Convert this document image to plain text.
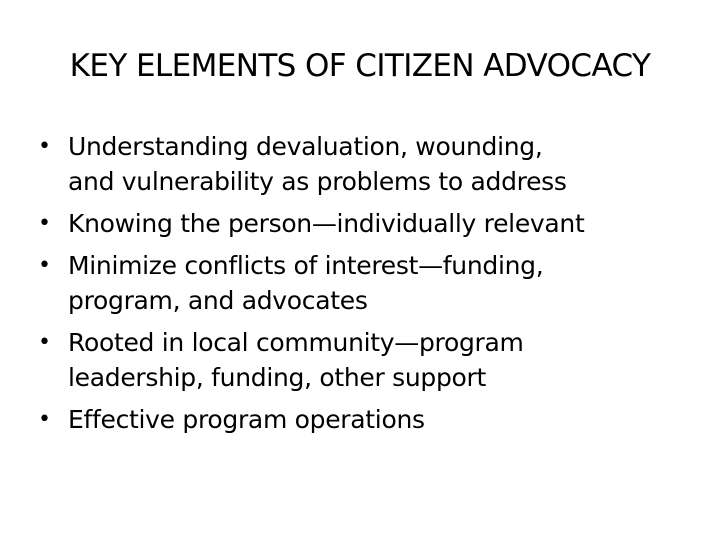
KEY ELEMENTS OF CITIZEN ADVOCACY
• Understanding devaluation, wounding,
and vulnerability as problems to address
• Knowing the person—individually relevant
• Minimize conflicts of interest—funding,
program, and advocates
• Rooted in local community—program
leadership, funding, other support
• Effective program operations
